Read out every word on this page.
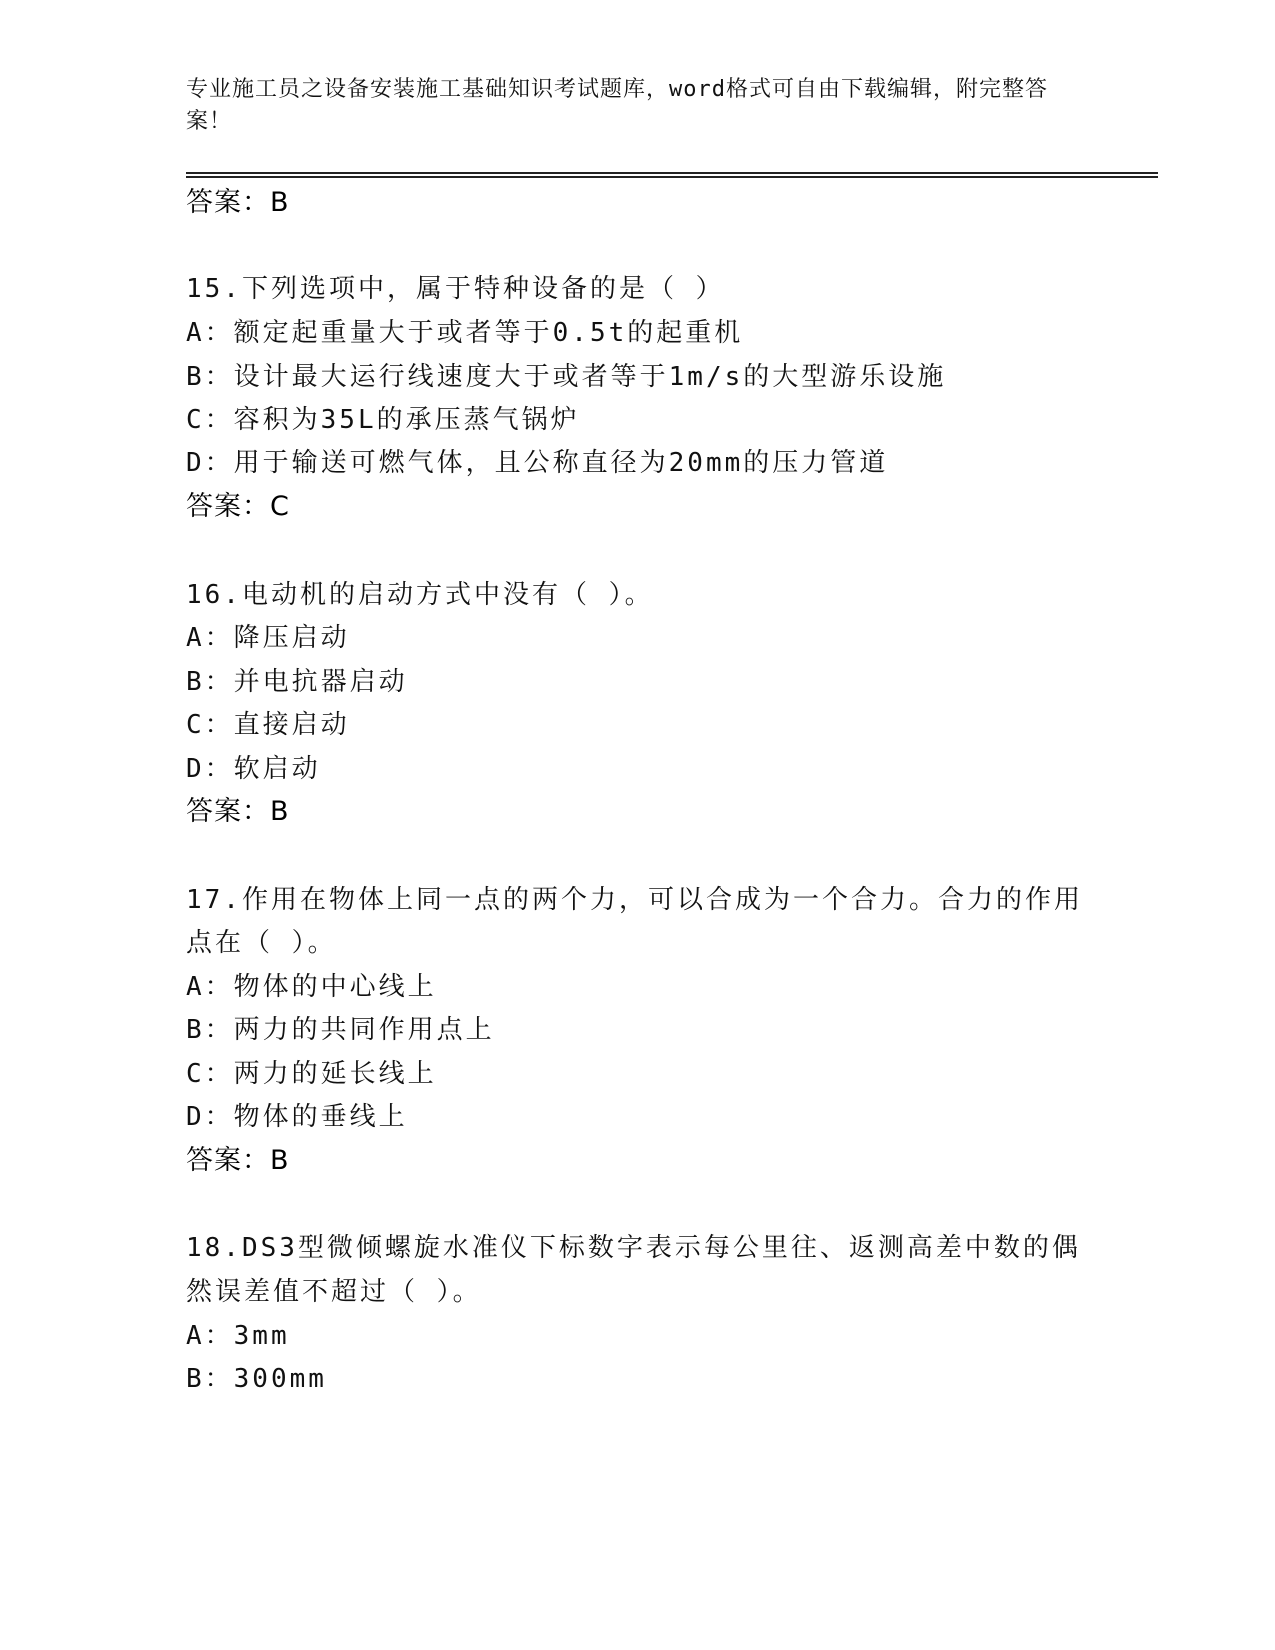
专业施工员之设备安装施工基础知识考试题库，word格式可自由下载编辑，附完整答案！
答案：B
15.下列选项中，属于特种设备的是（ ）
A：额定起重量大于或者等于0.5t的起重机
B：设计最大运行线速度大于或者等于1m/s的大型游乐设施
C：容积为35L的承压蒸气锅炉
D：用于输送可燃气体，且公称直径为20mm的压力管道
答案：C
16.电动机的启动方式中没有（ ）。
A：降压启动
B：并电抗器启动
C：直接启动
D：软启动
答案：B
17.作用在物体上同一点的两个力，可以合成为一个合力。合力的作用
点在（ ）。
A：物体的中心线上
B：两力的共同作用点上
C：两力的延长线上
D：物体的垂线上
答案：B
18.DS3型微倾螺旋水准仪下标数字表示每公里往、返测高差中数的偶
然误差值不超过（ ）。
A：3mm
B：300mm
